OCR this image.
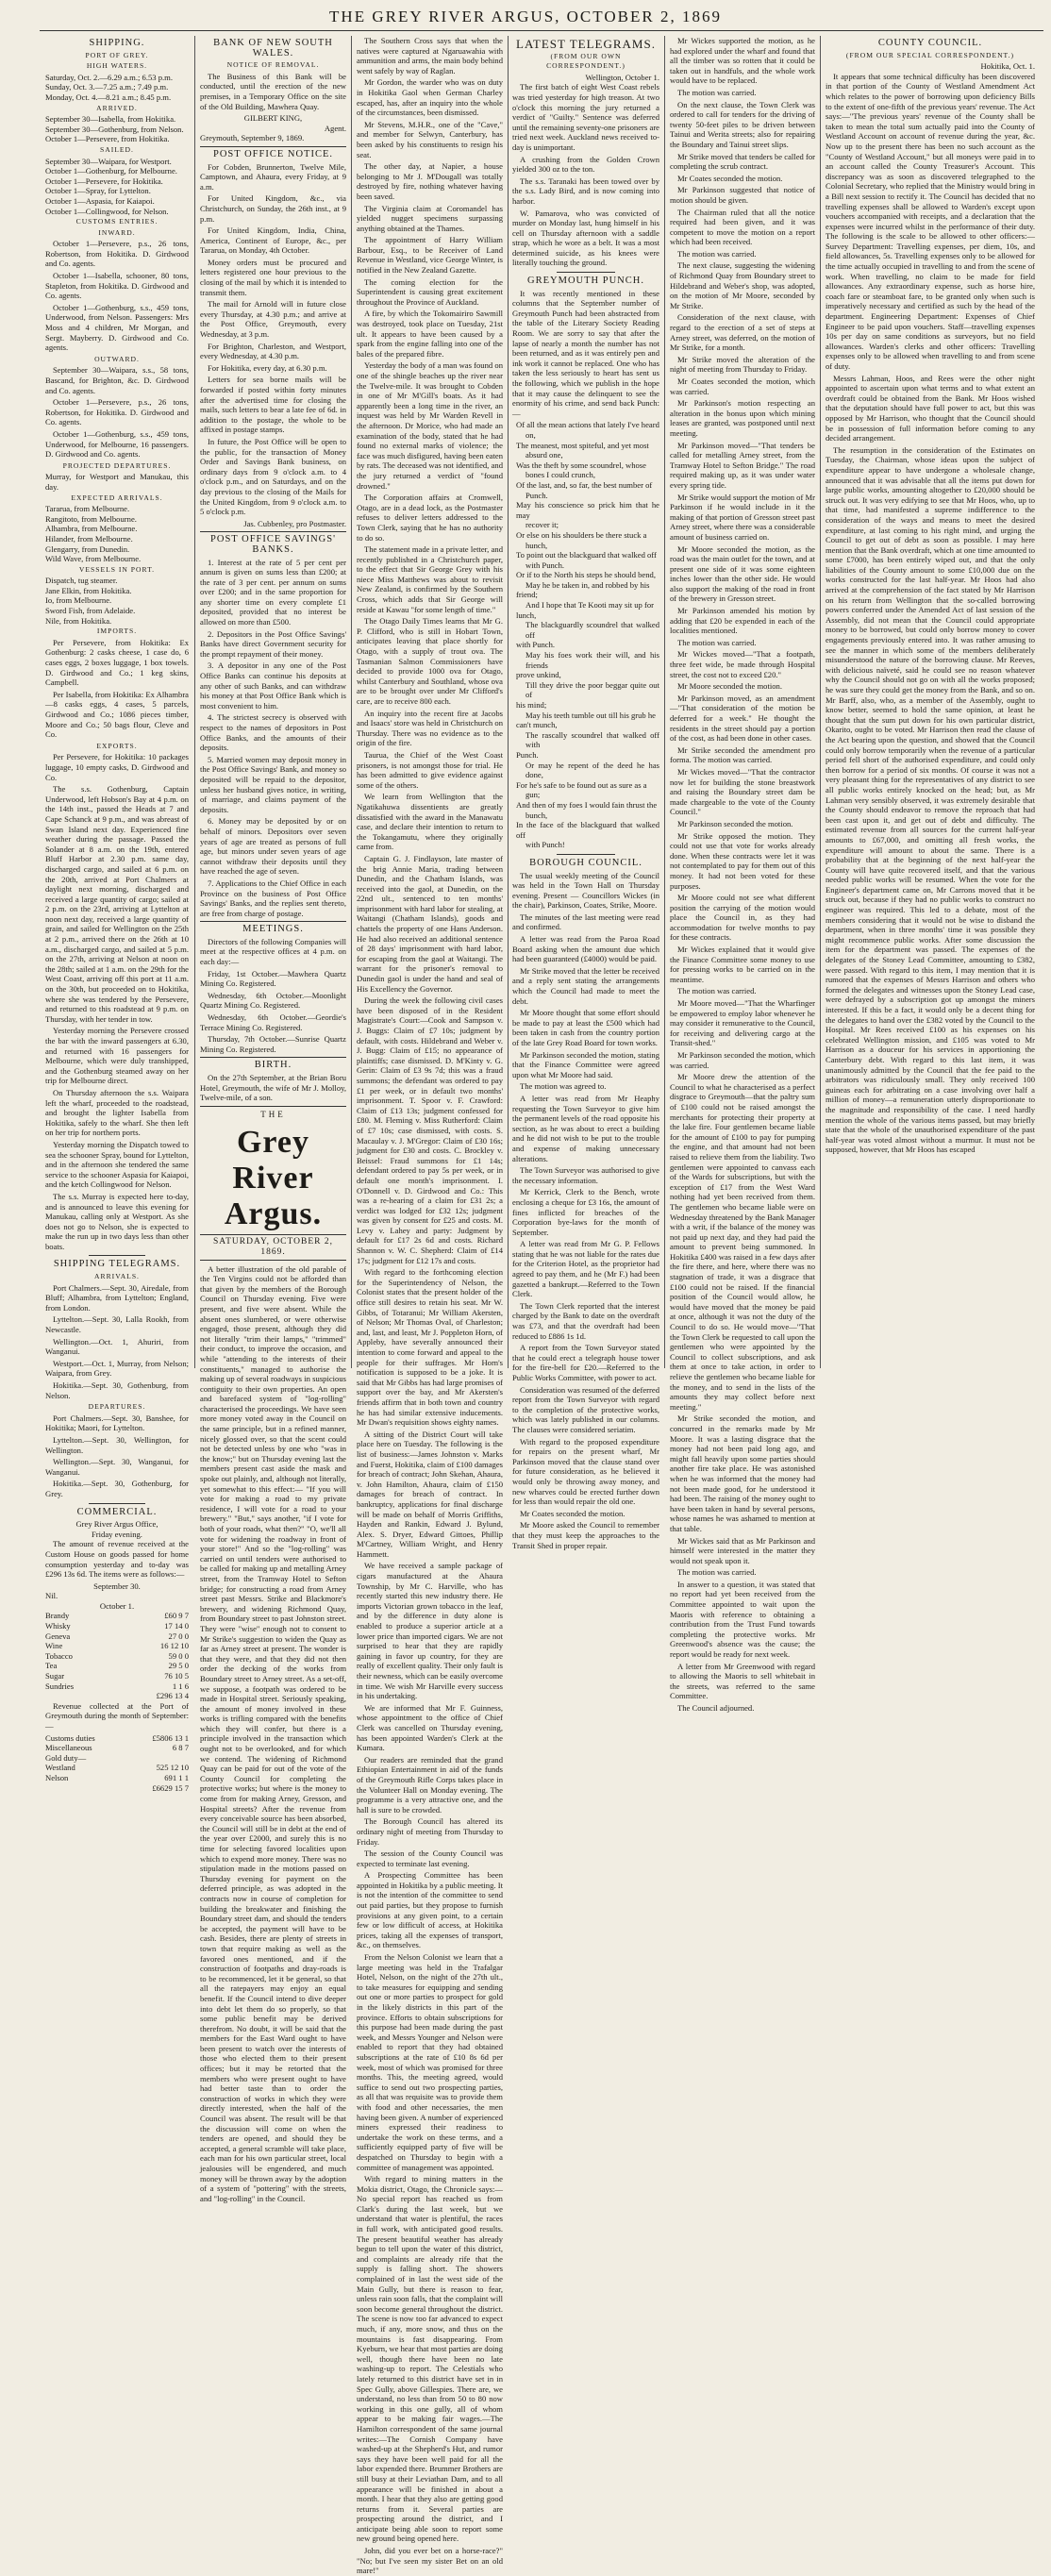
THE GREY RIVER ARGUS, OCTOBER 2, 1869
SHIPPING.
PORT OF GREY.
HIGH WATERS.

Saturday, Oct. 2.—6.29 a.m.; 6.53 p.m.

Sunday, Oct. 3.—7.25 a.m.; 7.49 p.m.

Monday, Oct. 4.—8.21 a.m.; 8.45 p.m.

ARRIVED.

September 30—Isabella, from Hokitika.

September 30—Gothenburg, from Nelson.

October 1—Persevere, from Hokitika.

SAILED.

September 30—Waipara, for Westport.

October 1—Gothenburg, for Melbourne.

October 1—Persevere, for Hokitika.

October 1—Spray, for Lyttelton.

October 1—Aspasia, for Kaiapoi.

October 1—Collingwood, for Nelson.

CUSTOMS ENTRIES.
INWARD.

October 1—Persevere, p.s., 26 tons, Robertson, from Hokitika. D. Girdwood and Co. agents.

October 1—Isabella, schooner, 80 tons, Stapleton, from Hokitika. D. Girdwood and Co. agents.

October 1—Gothenburg, s.s., 459 tons, Underwood, from Nelson. Passengers: Mrs Moss and 4 children, Mr Morgan, and Sergt. Mayberry. D. Girdwood and Co. agents.

OUTWARD.

September 30—Waipara, s.s., 58 tons, Bascand, for Brighton, &c. D. Girdwood and Co. agents.

October 1—Persevere, p.s., 26 tons, Robertson, for Hokitika. D. Girdwood and Co. agents.

October 1—Gothenburg, s.s., 459 tons, Underwood, for Melbourne, 16 passengers. D. Girdwood and Co. agents.

PROJECTED DEPARTURES.

Murray, for Westport and Manukau, this day.

EXPECTED ARRIVALS.

Tararua, from Melbourne.

Rangitoto, from Melbourne.

Alhambra, from Melbourne.

Hilander, from Melbourne.

Glengarry, from Dunedin.

Wild Wave, from Melbourne.

VESSELS IN PORT.

Dispatch, tug steamer.

Jane Elkin, from Hokitika.

Io, from Melbourne.

Sword Fish, from Adelaide.

Nile, from Hokitika.

IMPORTS.

Per Persevere, from Hokitika: Ex Gothenburg: 2 casks cheese, 1 case do, 6 cases eggs, 2 boxes luggage, 1 box towels. D. Girdwood and Co.; 1 keg skins, Campbell.

Per Isabella, from Hokitika: Ex Alhambra—8 casks eggs, 4 cases, 5 parcels, Girdwood and Co.; 1086 pieces timber, Moore and Co.; 50 bags flour, Cleve and Co.

EXPORTS.

Per Persevere, for Hokitika: 10 packages luggage, 10 empty casks, D. Girdwood and Co.

The s.s. Gothenburg, Captain Underwood, left Hobson's Bay at 4 p.m. on the 14th inst., passed the Heads at 7 and Cape Schanck at 9 p.m., and was abreast of Swan Island next day. Experienced fine weather during the passage. Passed the Solander at 8 a.m. on the 19th, entered Bluff Harbor at 2.30 p.m. same day, discharged cargo, and sailed at 6 p.m. on the 20th, arrived at Port Chalmers at daylight next morning, discharged and received a large quantity of cargo; sailed at 2 p.m. on the 23rd, arriving at Lyttelton at noon next day, received a large quantity of grain, and sailed for Wellington on the 25th at 2 p.m., arrived there on the 26th at 10 a.m., discharged cargo, and sailed at 5 p.m. on the 27th, arriving at Nelson at noon on the 28th; sailed at 1 a.m. on the 29th for the West Coast, arriving off this port at 11 a.m. on the 30th, but proceeded on to Hokitika, where she was tendered by the Persevere, and returned to this roadstead at 9 p.m. on Thursday, with her tender in tow.

Yesterday morning the Persevere crossed the bar with the inward passengers at 6.30, and returned with 16 passengers for Melbourne, which were duly transhipped, and the Gothenburg steamed away on her trip for Melbourne direct.

On Thursday afternoon the s.s. Waipara left the wharf, proceeded to the roadstead, and brought the lighter Isabella from Hokitika, safely to the wharf. She then left on her trip for northern ports.

Yesterday morning the Dispatch towed to sea the schooner Spray, bound for Lyttelton, and in the afternoon she tendered the same service to the schooner Aspasia for Kaiapoi, and the ketch Collingwood for Nelson.

The s.s. Murray is expected here to-day, and is announced to leave this evening for Manukau, calling only at Westport. As she does not go to Nelson, she is expected to make the run up in two days less than other boats.

SHIPPING TELEGRAMS.
ARRIVALS.

Port Chalmers.—Sept. 30, Airedale, from Bluff; Alhambra, from Lyttelton; England, from London.

Lyttelton.—Sept. 30, Lalla Rookh, from Newcastle.

Wellington.—Oct. 1, Ahuriri, from Wanganui.

Westport.—Oct. 1, Murray, from Nelson; Waipara, from Grey.

Hokitika.—Sept. 30, Gothenburg, from Nelson.

DEPARTURES.

Port Chalmers.—Sept. 30, Banshee, for Hokitika; Maori, for Lyttelton.

Lyttelton.—Sept. 30, Wellington, for Wellington.

Wellington.—Sept. 30, Wanganui, for Wanganui.

Hokitika.—Sept. 30, Gothenburg, for Grey.

COMMERCIAL.

Grey River Argus Office,

Friday evening.

The amount of revenue received at the Custom House on goods passed for home consumption yesterday and to-day was £296 13s 6d. The items were as follows:—

September 30.

Nil.

October 1.

Brandy	£60 9 7

Whisky	17 14 0

Geneva	27 0 0

Wine	16 12 10

Tobacco	59 0 0

Tea	29 5 0

Sugar	76 10 5

Sundries	1 1 6

£296 13 4

Revenue collected at the Port of Greymouth during the month of September:—

Customs duties	£5806 13 1

Miscellaneous	6 8 7

Gold duty—

Westland	525 12 10

Nelson	691 1 1

£6629 15 7

BANK OF NEW SOUTH WALES.
NOTICE OF REMOVAL.

The Business of this Bank will be conducted, until the erection of the new premises, in a Temporary Office on the site of the Old Building, Mawhera Quay.

GILBERT KING,

Agent.

Greymouth, September 9, 1869.

POST OFFICE NOTICE.

For Cobden, Brunnerton, Twelve Mile, Camptown, and Ahaura, every Friday, at 9 a.m.

For United Kingdom, &c., via Christchurch, on Sunday, the 26th inst., at 9 p.m.

For United Kingdom, India, China, America, Continent of Europe, &c., per Tararua, on Monday, 4th October.

Money orders must be procured and letters registered one hour previous to the closing of the mail by which it is intended to transmit them.

The mail for Arnold will in future close every Thursday, at 4.30 p.m.; and arrive at the Post Office, Greymouth, every Wednesday, at 3 p.m.

For Brighton, Charleston, and Westport, every Wednesday, at 4.30 p.m.

For Hokitika, every day, at 6.30 p.m.

Letters for sea borne mails will be forwarded if posted within forty minutes after the advertised time for closing the mails, such letters to bear a late fee of 6d. in addition to the postage, the whole to be affixed in postage stamps.

In future, the Post Office will be open to the public, for the transaction of Money Order and Savings Bank business, on ordinary days from 9 o'clock a.m. to 4 o'clock p.m., and on Saturdays, and on the day previous to the closing of the Mails for the United Kingdom, from 9 o'clock a.m. to 5 o'clock p.m.

Jas. Cubbenley, pro Postmaster.

POST OFFICE SAVINGS' BANKS.

1. Interest at the rate of 5 per cent per annum is given on sums less than £200; at the rate of 3 per cent. per annum on sums over £200; and in the same proportion for any shorter time on every complete £1 deposited, provided that no interest be allowed on more than £500.

2. Depositors in the Post Office Savings' Banks have direct Government security for the prompt repayment of their money.

3. A depositor in any one of the Post Office Banks can continue his deposits at any other of such Banks, and can withdraw his money at that Post Office Bank which is most convenient to him.

4. The strictest secrecy is observed with respect to the names of depositors in Post Office Banks, and the amounts of their deposits.

5. Married women may deposit money in the Post Office Savings' Bank, and money so deposited will be repaid to the depositor, unless her husband gives notice, in writing, of marriage, and claims payment of the deposits.

6. Money may be deposited by or on behalf of minors. Depositors over seven years of age are treated as persons of full age, but minors under seven years of age cannot withdraw their deposits until they have reached the age of seven.

7. Applications to the Chief Office in each Province on the business of Post Office Savings' Banks, and the replies sent thereto, are free from charge of postage.

MEETINGS.

Directors of the following Companies will meet at the respective offices at 4 p.m. on each day:—

Friday, 1st October.—Mawhera Quartz Mining Co. Registered.

Wednesday, 6th October.—Moonlight Quartz Mining Co. Registered.

Wednesday, 6th October.—Geordie's Terrace Mining Co. Registered.

Thursday, 7th October.—Sunrise Quartz Mining Co. Registered.

BIRTH.

On the 27th September, at the Brian Boru Hotel, Greymouth, the wife of Mr J. Molloy, Twelve-mile, of a son.

THE
Grey River Argus.
SATURDAY, OCTOBER 2, 1869.

A better illustration of the old parable of the Ten Virgins could not be afforded than that given by the members of the Borough Council on Thursday evening. Five were present, and five were absent. While the absent ones slumbered, or were otherwise engaged, those present, although they did not literally "trim their lamps," "trimmed" their conduct, to improve the occasion, and while "attending to the interests of their constituents," managed to authorise the making up of several roadways in suspicious contiguity to their own properties. An open and barefaced system of "log-rolling" characterised the proceedings. We have seen more money voted away in the Council on the same principle, but in a refined manner, nicely glossed over, so that the scent could not be detected unless by one who "was in the know;" but on Thursday evening last the members present cast aside the mask and spoke out plainly, and, although not literally, yet somewhat to this effect:— "If you will vote for making a road to my private residence, I will vote for a road to your brewery." "But," says another, "if I vote for both of your roads, what then?" "O, we'll all vote for widening the roadway in front of your store!" And so the "log-rolling" was carried on until tenders were authorised to be called for making up and metalling Arney street, from the Tramway Hotel to Sefton bridge; for constructing a road from Arney street past Messrs. Strike and Blackmore's brewery, and widening Richmond Quay, from Boundary street to past Johnston street. They were "wise" enough not to consent to Mr Strike's suggestion to widen the Quay as far as Arney street at present. The wonder is that they were, and that they did not then order the decking of the works from Boundary street to Arney street. As a set-off, we suppose, a footpath was ordered to be made in Hospital street. Seriously speaking, the amount of money involved in these works is trifling compared with the benefits which they will confer, but there is a principle involved in the transaction which ought not to be overlooked, and for which we contend. The widening of Richmond Quay can be paid for out of the vote of the County Council for completing the protective works; but where is the money to come from for making Arney, Gresson, and Hospital streets? After the revenue from every conceivable source has been absorbed, the Council will still be in debt at the end of the year over £2000, and surely this is no time for selecting favored localities upon which to expend more money. There was no stipulation made in the motions passed on Thursday evening for payment on the deferred principle, as was adopted in the contracts now in course of completion for building the breakwater and finishing the Boundary street dam, and should the tenders be accepted, the payment will have to be cash. Besides, there are plenty of streets in town that require making as well as the favored ones mentioned, and if the construction of footpaths and dray-roads is to be recommenced, let it be general, so that all the ratepayers may enjoy an equal benefit. If the Council intend to dive deeper into debt let them do so properly, so that some public benefit may be derived therefrom. No doubt, it will be said that the members for the East Ward ought to have been present to watch over the interests of those who elected them to their present offices; but it may be retorted that the members who were present ought to have had better taste than to order the construction of works in which they were directly interested, when the half of the Council was absent. The result will be that the discussion will come on when the tenders are opened, and should they be accepted, a general scramble will take place, each man for his own particular street, local jealousies will be engendered, and much money will be thrown away by the adoption of a system of "pottering" with the streets, and "log-rolling" in the Council.

The Southern Cross says that when the natives were captured at Ngaruawahia with ammunition and arms, the main body behind went safely by way of Raglan.

Mr Gordon, the warder who was on duty in Hokitika Gaol when German Charley escaped, has, after an inquiry into the whole of the circumstances, been dismissed.

Mr Stevens, M.H.R., one of the "Cave," and member for Selwyn, Canterbury, has been asked by his constituents to resign his seat.

The other day, at Napier, a house belonging to Mr J. M'Dougall was totally destroyed by fire, nothing whatever having been saved.

The Virginia claim at Coromandel has yielded nugget specimens surpassing anything obtained at the Thames.

The appointment of Harry William Barbour, Esq., to be Receiver of Land Revenue in Westland, vice George Winter, is notified in the New Zealand Gazette.

The coming election for the Superintendent is causing great excitement throughout the Province of Auckland.

A fire, by which the Tokomairiro Sawmill was destroyed, took place on Tuesday, 21st ult. It appears to have been caused by a spark from the engine falling into one of the bales of the prepared fibre.

Yesterday the body of a man was found on one of the shingle beaches up the river near the Twelve-mile. It was brought to Cobden in one of Mr M'Gill's boats. As it had apparently been a long time in the river, an inquest was held by Mr Warden Revell in the afternoon. Dr Morice, who had made an examination of the body, stated that he had found no external marks of violence; the face was much disfigured, having been eaten by rats. The deceased was not identified, and the jury returned a verdict of "found drowned."

The Corporation affairs at Cromwell, Otago, are in a dead lock, as the Postmaster refuses to deliver letters addressed to the Town Clerk, saying that he has no authority to do so.

The statement made in a private letter, and recently published in a Christchurch paper, to the effect that Sir George Grey with his niece Miss Matthews was about to revisit New Zealand, is confirmed by the Southern Cross, which adds that Sir George will reside at Kawau "for some length of time."

The Otago Daily Times learns that Mr G. P. Clifford, who is still in Hobart Town, anticipates leaving that place shortly for Otago, with a supply of trout ova. The Tasmanian Salmon Commissioners have decided to provide 1000 ova for Otago, whilst Canterbury and Southland, whose ova are to be brought over under Mr Clifford's care, are to receive 800 each.

An inquiry into the recent fire at Jacobs and Isaacs' store was held in Christchurch on Thursday. There was no evidence as to the origin of the fire.

Taurua, the Chief of the West Coast prisoners, is not amongst those for trial. He has been admitted to give evidence against some of the others.

We learn from Wellington that the Ngatikahuwa dissentients are greatly dissatisfied with the award in the Manawatu case, and declare their intention to return to the Tokangamutu, where they originally came from.

Captain G. J. Findlayson, late master of the brig Annie Maria, trading between Dunedin, and the Chatham Islands, was received into the gaol, at Dunedin, on the 22nd ult., sentenced to ten months' imprisonment with hard labor for stealing, at Waitangi (Chatham Islands), goods and chattels the property of one Hans Anderson. He had also received an additional sentence of 28 days' imprisonment with hard labor, for escaping from the gaol at Waitangi. The warrant for the prisoner's removal to Dunedin gaol is under the hand and seal of His Excellency the Governor.

During the week the following civil cases have been disposed of in the Resident Magistrate's Court:—Cook and Sampson v. J. Buggs: Claim of £7 10s; judgment by default, with costs. Hildebrand and Weber v. J. Bugg: Claim of £15; no appearance of plaintiffs; case dismissed. D. M'Kinty v. G. Gerin: Claim of £3 9s 7d; this was a fraud summons; the defendant was ordered to pay £1 per week, or in default two months' imprisonment. T. Spoor v. F. Crawford: Claim of £13 13s; judgment confessed for £80. M. Fleming v. Miss Rutherford: Claim of £7 10s; case dismissed, with costs. S. Macaulay v. J. M'Gregor: Claim of £30 16s; judgment for £30 and costs. C. Brockley v. Beissel: Fraud summons for £1 14s; defendant ordered to pay 5s per week, or in default one month's imprisonment. I. O'Donnell v. D. Girdwood and Co.: This was a re-hearing of a claim for £31 2s; a verdict was lodged for £32 12s; judgment was given by consent for £25 and costs. M. Levy v. Lahey and party: Judgment by default for £17 2s 6d and costs. Richard Shannon v. W. C. Shepherd: Claim of £14 17s; judgment for £12 17s and costs.

With regard to the forthcoming election for the Superintendency of Nelson, the Colonist states that the present holder of the office still desires to retain his seat. Mr W. Gibbs, of Totaranui; Mr William Akersten, of Nelson; Mr Thomas Oval, of Charleston; and, last, and least, Mr J. Poppleton Horn, of Appleby, have severally announced their intention to come forward and appeal to the people for their suffrages. Mr Horn's notification is supposed to be a joke. It is said that Mr Gibbs has had large promises of support over the bay, and Mr Akersten's friends affirm that in both town and country he has had similar extensive inducements. Mr Dwan's requisition shows eighty names.

A sitting of the District Court will take place here on Tuesday. The following is the list of business:—James Johnston v. Marks and Fuerst, Hokitika, claim of £100 damages for breach of contract; John Skehan, Ahaura, v. John Hamilton, Ahaura, claim of £150 damages for breach of contract. In bankruptcy, applications for final discharge will be made on behalf of Morris Griffiths, Hayden and Rankin, Edward J. Bylund, Alex. S. Dryer, Edward Gittoes, Phillip M'Cartney, William Wright, and Henry Hammett.

We have received a sample package of cigars manufactured at the Ahaura Township, by Mr C. Harville, who has recently started this new industry there. He imports Victorian grown tobacco in the leaf, and by the difference in duty alone is enabled to produce a superior article at a lower price than imported cigars. We are not surprised to hear that they are rapidly gaining in favor up country, for they are really of excellent quality. Their only fault is their newness, which can be easily overcome in time. We wish Mr Harville every success in his undertaking.

We are informed that Mr F. Guinness, whose appointment to the office of Chief Clerk was cancelled on Thursday evening, has been appointed Warden's Clerk at the Kumara.

Our readers are reminded that the grand Ethiopian Entertainment in aid of the funds of the Greymouth Rifle Corps takes place in the Volunteer Hall on Monday evening. The programme is a very attractive one, and the hall is sure to be crowded.

The Borough Council has altered its ordinary night of meeting from Thursday to Friday.

The session of the County Council was expected to terminate last evening.

A Prospecting Committee has been appointed in Hokitika by a public meeting. It is not the intention of the committee to send out paid parties, but they propose to furnish provisions at any given point, to a certain few or low difficult of access, at Hokitika prices, taking all the expenses of transport, &c., on themselves.

From the Nelson Colonist we learn that a large meeting was held in the Trafalgar Hotel, Nelson, on the night of the 27th ult., to take measures for equipping and sending out one or more parties to prospect for gold in the likely districts in this part of the province. Efforts to obtain subscriptions for this purpose had been made during the past week, and Messrs Younger and Nelson were enabled to report that they had obtained subscriptions at the rate of £10 8s 6d per week, most of which was promised for three months. This, the meeting agreed, would suffice to send out two prospecting parties, as all that was requisite was to provide them with food and other necessaries, the men having been given. A number of experienced miners expressed their readiness to undertake the work on these terms, and a sufficiently equipped party of five will be despatched on Thursday to begin with a committee of management was appointed.

With regard to mining matters in the Mokia district, Otago, the Chronicle says:—No special report has reached us from Clark's during the last week, but we understand that water is plentiful, the races in full work, with anticipated good results. The present beautiful weather has already begun to tell upon the water of this district, and complaints are already rife that the supply is falling short. The showers complained of in last the west side of the Main Gully, but there is reason to fear, unless rain soon falls, that the complaint will soon become general throughout the district. The scene is now too far advanced to expect much, if any, more snow, and thus on the mountains is fast disappearing. From Kyeburn, we hear that most parties are doing well, though there have been no late washing-up to report. The Celestials who lately returned to this district have set in in Spec Gully, above Gillespies. There are, we understand, no less than from 50 to 80 now working in this one gully, all of whom appear to be making fair wages.—The Hamilton correspondent of the same journal writes:—The Cornish Company have washed-up at the Shepherd's Hut, and rumor says they have been well paid for all the labor expended there. Brummer Brothers are still busy at their Leviathan Dam, and to all appearance will be finished in about a month. I hear that they also are getting good returns from it. Several parties are prospecting around the district, and I anticipate being able soon to report some new ground being opened here.

John, did you ever bet on a horse-race?" "No; but I've seen my sister Bet on an old mare!"

LATEST TELEGRAMS.
(FROM OUR OWN CORRESPONDENT.)

Wellington, October 1.

The first batch of eight West Coast rebels was tried yesterday for high treason. At two o'clock this morning the jury returned a verdict of "Guilty." Sentence was deferred until the remaining seventy-one prisoners are tried next week. Auckland news received to-day is unimportant.

A crushing from the Golden Crown yielded 300 oz to the ton.

The s.s. Taranaki has been towed over by the s.s. Lady Bird, and is now coming into harbor.

W. Pamarova, who was convicted of murder on Monday last, hung himself in his cell on Thursday afternoon with a saddle strap, which he wore as a belt. It was a most determined suicide, as his knees were literally touching the ground.

GREYMOUTH PUNCH.

It was recently mentioned in these columns that the September number of Greymouth Punch had been abstracted from the table of the Literary Society Reading Room. We are sorry to say that after the lapse of nearly a month the number has not been returned, and as it was entirely pen and ink work it cannot be replaced. One who has taken the less seriously to heart has sent us the following, which we publish in the hope that it may cause the delinquent to see the enormity of his crime, and send back Punch:—

Of all the mean actions that lately I've heard

on,

The meanest, most spiteful, and yet most

absurd one,

Was the theft by some scoundrel, whose

bones I could crunch,

Of the last, and, so far, the best number of

Punch.

May his conscience so prick him that he may

recover it;

Or else on his shoulders be there stuck a

hunch,

To point out the blackguard that walked off

with Punch.

Or if to the North his steps he should bend,

May he be taken in, and robbed by his

friend;

And I hope that Te Kooti may sit up for

lunch,

The blackguardly scoundrel that walked off

with Punch.

May his foes work their will, and his friends

prove unkind,

Till they drive the poor beggar quite out of

his mind;

May his teeth tumble out till his grub he

can't munch,

The rascally scoundrel that walked off with

Punch.

Or may he repent of the deed he has done,

For he's safe to be found out as sure as a

gun;

And then of my foes I would fain thrust the

bunch,

In the face of the blackguard that walked off

with Punch!

BOROUGH COUNCIL.

The usual weekly meeting of the Council was held in the Town Hall on Thursday evening. Present — Councillors Wickes (in the chair), Parkinson, Coates, Strike, Moore.

The minutes of the last meeting were read and confirmed.

A letter was read from the Paroa Road Board asking when the amount due which had been guaranteed (£4000) would be paid.

Mr Strike moved that the letter be received and a reply sent stating the arrangements which the Council had made to meet the debt.

Mr Moore thought that some effort should be made to pay at least the £500 which had been taken in cash from the country portion of the late Grey Road Board for town works.

Mr Parkinson seconded the motion, stating that the Finance Committee were agreed upon what Mr Moore had said.

The motion was agreed to.

A letter was read from Mr Heaphy requesting the Town Surveyor to give him the permanent levels of the road opposite his section, as he was about to erect a building and he did not wish to be put to the trouble and expense of making unnecessary alterations.

The Town Surveyor was authorised to give the necessary information.

Mr Kerrick, Clerk to the Bench, wrote enclosing a cheque for £3 16s, the amount of fines inflicted for breaches of the Corporation bye-laws for the month of September.

A letter was read from Mr G. P. Fellows stating that he was not liable for the rates due for the Criterion Hotel, as the proprietor had agreed to pay them, and he (Mr F.) had been gazetted a bankrupt.—Referred to the Town Clerk.

The Town Clerk reported that the interest charged by the Bank to date on the overdraft was £73, and that the overdraft had been reduced to £886 1s 1d.

A report from the Town Surveyor stated that he could erect a telegraph house tower for the fire-bell for £20.—Referred to the Public Works Committee, with power to act.

Consideration was resumed of the deferred report from the Town Surveyor with regard to the completion of the protective works, which was lately published in our columns. The clauses were considered seriatim.

With regard to the proposed expenditure for repairs on the present wharf, Mr Parkinson moved that the clause stand over for future consideration, as he believed it would only be throwing away money, and new wharves could be erected further down for less than would repair the old one.

Mr Coates seconded the motion.

Mr Moore asked the Council to remember that they must keep the approaches to the Transit Shed in proper repair.

Mr Wickes supported the motion, as he had explored under the wharf and found that all the timber was so rotten that it could be taken out in handfuls, and the whole work would have to be replaced.

The motion was carried.

On the next clause, the Town Clerk was ordered to call for tenders for the driving of twenty 50-feet piles to be driven between Tainui and Werita streets; also for repairing the Boundary and Tainui street slips.

Mr Strike moved that tenders be called for completing the scrub contract.

Mr Coates seconded the motion.

Mr Parkinson suggested that notice of motion should be given.

The Chairman ruled that all the notice required had been given, and it was competent to move the motion on a report which had been received.

The motion was carried.

The next clause, suggesting the widening of Richmond Quay from Boundary street to Hildebrand and Weber's shop, was adopted, on the motion of Mr Moore, seconded by Mr Strike.

Consideration of the next clause, with regard to the erection of a set of steps at Arney street, was deferred, on the motion of Mr Strike, for a month.

Mr Strike moved the alteration of the night of meeting from Thursday to Friday.

Mr Coates seconded the motion, which was carried.

Mr Parkinson's motion respecting an alteration in the bonus upon which mining leases are granted, was postponed until next meeting.

Mr Parkinson moved—"That tenders be called for metalling Arney street, from the Tramway Hotel to Sefton Bridge." The road required making up, as it was under water every spring tide.

Mr Strike would support the motion of Mr Parkinson if he would include in it the making of that portion of Gresson street past Arney street, where there was a considerable amount of business carried on.

Mr Moore seconded the motion, as the road was the main outlet for the town, and at present one side of it was some eighteen inches lower than the other side. He would also support the making of the road in front of the brewery in Gresson street.

Mr Parkinson amended his motion by adding that £20 be expended in each of the localities mentioned.

The motion was carried.

Mr Wickes moved—"That a footpath, three feet wide, be made through Hospital street, the cost not to exceed £20."

Mr Moore seconded the motion.

Mr Parkinson moved, as an amendment—"That consideration of the motion be deferred for a week." He thought the residents in the street should pay a portion of the cost, as had been done in other cases.

Mr Strike seconded the amendment pro forma. The motion was carried.

Mr Wickes moved—"That the contractor now let for building the stone breastwork and raising the Boundary street dam be made chargeable to the vote of the County Council."

Mr Parkinson seconded the motion.

Mr Strike opposed the motion. They could not use that vote for works already done. When these contracts were let it was not contemplated to pay for them out of this money. It had not been voted for these purposes.

Mr Moore could not see what different position the carrying of the motion would place the Council in, as they had accommodation for twelve months to pay for these contracts.

Mr Wickes explained that it would give the Finance Committee some money to use for pressing works to be carried on in the meantime.

The motion was carried.

Mr Moore moved—"That the Wharfinger be empowered to employ labor whenever he may consider it remunerative to the Council, for receiving and delivering cargo at the Transit-shed."

Mr Parkinson seconded the motion, which was carried.

Mr Moore drew the attention of the Council to what he characterised as a perfect disgrace to Greymouth—that the paltry sum of £100 could not be raised amongst the merchants for protecting their property at the lake fire. Four gentlemen became liable for the amount of £100 to pay for pumping the engine, and that amount had not been raised to relieve them from the liability. Two gentlemen were appointed to canvass each of the Wards for subscriptions, but with the exception of £17 from the West Ward nothing had yet been received from them. The gentlemen who became liable were on Wednesday threatened by the Bank Manager with a writ, if the balance of the money was not paid up next day, and they had paid the amount to prevent being summoned. In Hokitika £400 was raised in a few days after the fire there, and here, where there was no stagnation of trade, it was a disgrace that £100 could not be raised. If the financial position of the Council would allow, he would have moved that the money be paid at once, although it was not the duty of the Council to do so. He would move—"That the Town Clerk be requested to call upon the gentlemen who were appointed by the Council to collect subscriptions, and ask them at once to take action, in order to relieve the gentlemen who became liable for the money, and to send in the lists of the amounts they may collect before next meeting."

Mr Strike seconded the motion, and concurred in the remarks made by Mr Moore. It was a lasting disgrace that the money had not been paid long ago, and might fall heavily upon some parties should another fire take place. He was astonished when he was informed that the money had not been made good, for he understood it had been. The raising of the money ought to have been taken in hand by several persons, whose names he was ashamed to mention at that table.

Mr Wickes said that as Mr Parkinson and himself were interested in the matter they would not speak upon it.

The motion was carried.

In answer to a question, it was stated that no report had yet been received from the Committee appointed to wait upon the Maoris with reference to obtaining a contribution from the Trust Fund towards completing the protective works. Mr Greenwood's absence was the cause; the report would be ready for next week.

A letter from Mr Greenwood with regard to allowing the Maoris to sell whitebait in the streets, was referred to the same Committee.

The Council adjourned.

COUNTY COUNCIL.
(FROM OUR SPECIAL CORRESPONDENT.)

Hokitika, Oct. 1.

It appears that some technical difficulty has been discovered in that portion of the County of Westland Amendment Act which relates to the power of borrowing upon deficiency Bills to the extent of one-fifth of the previous years' revenue. The Act says:—"The previous years' revenue of the County shall be taken to mean the total sum actually paid into the County of Westland Account on account of revenue during the year, &c. Now up to the present there has been no such account as the "County of Westland Account," but all moneys were paid in to an account called the County Treasurer's Account. This discrepancy was as soon as discovered telegraphed to the Colonial Secretary, who replied that the Ministry would bring in a Bill next session to rectify it. The Council has decided that no travelling expenses shall be allowed to Warden's except upon vouchers accompanied with receipts, and a declaration that the expenses were incurred whilst in the performance of their duty. The following is the scale to be allowed to other officers:—Survey Department: Travelling expenses, per diem, 10s, and field allowances, 5s. Travelling expenses only to be allowed for the time actually occupied in travelling to and from the scene of work. When travelling, no claim to be made for field allowances. Any extraordinary expense, such as horse hire, coach fare or steamboat fare, to be granted only when such is imperatively necessary and certified as such by the head of the department. Engineering Department: Expenses of Chief Engineer to be paid upon vouchers. Staff—travelling expenses 10s per day on same conditions as surveyors, but no field allowances. Warden's clerks and other officers: Travelling expenses only to be allowed when travelling to and from scene of duty.

Messrs Lahman, Hoos, and Rees were the other night appointed to ascertain upon what terms and to what extent an overdraft could be obtained from the Bank. Mr Hoos wished that the deputation should have full power to act, but this was opposed by Mr Harrison, who thought that the Council should be in possession of full information before coming to any decided arrangement.

The resumption in the consideration of the Estimates on Tuesday, the Chairman, whose ideas upon the subject of expenditure appear to have undergone a wholesale change, announced that it was advisable that all the items put down for large public works, amounting altogether to £20,000 should be struck out. It was very edifying to see that Mr Hoos, who, up to that time, had manifested a supreme indifference to the consideration of the ways and means to meet the desired expenditure, at last coming to his right mind, and urging the Council to get out of debt as soon as possible. I may here mention that the Bank overdraft, which at one time amounted to some £7000, has been entirely wiped out, and that the only liabilities of the County amount to some £10,000 due on the works constructed for the last half-year. Mr Hoos had also arrived at the comprehension of the fact stated by Mr Harrison on his return from Wellington that the so-called borrowing powers conferred under the Amended Act of last session of the Assembly, did not mean that the Council could appropriate money to be borrowed, but could only borrow money to cover engagements previously entered into. It was rather amusing to see the manner in which some of the members deliberately misunderstood the nature of the borrowing clause. Mr Reeves, with delicious naïveté, said he could see no reason whatever why the Council should not go on with all the works proposed; he was sure they could get the money from the Bank, and so on. Mr Barff, also, who, as a member of the Assembly, ought to know better, seemed to hold the same opinion, at least he thought that the sum put down for his own particular district, Okarito, ought to be voted. Mr Harrison then read the clause of the Act bearing upon the question, and showed that the Council could only borrow temporarily when the revenue of a particular period fell short of the authorised expenditure, and could only then borrow for a period of six months. Of course it was not a very pleasant thing for the representatives of any district to see all public works entirely knocked on the head; but, as Mr Lahman very sensibly observed, it was extremely desirable that the County should endeavor to remove the reproach that had been cast upon it, and get out of debt and difficulty. The estimated revenue from all sources for the current half-year amounts to £67,000, and omitting all fresh works, the expenditure will amount to about the same. There is a probability that at the beginning of the next half-year the County will have quite recovered itself, and that the various needed public works will be resumed. When the vote for the Engineer's department came on, Mr Carrons moved that it be struck out, because if they had no public works to construct no engineer was required. This led to a debate, most of the members considering that it would not be wise to disband the department, when in three months' time it was possible they might recommence public works. After some discussion the item for the department was passed. The expenses of the delegates of the Stoney Lead Committee, amounting to £382, were passed. With regard to this item, I may mention that it is rumored that the expenses of Messrs Harrison and others who formed the delegates and witnesses upon the Stoney Lead case, were defrayed by a subscription got up amongst the miners interested. If this be a fact, it would only be a decent thing for the delegates to hand over the £382 voted by the Council to the Hospital. Mr Rees received £100 as his expenses on his celebrated Wellington mission, and £105 was voted to Mr Harrison as a douceur for his services in apportioning the Canterbury debt. With regard to this last item, it was unanimously admitted by the Council that the fee paid to the arbitrators was ridiculously small. They only received 100 guineas each for arbitrating on a case involving over half a million of money—a remuneration utterly disproportionate to the magnitude and responsibility of the case. I need hardly mention the whole of the various items passed, but may briefly state that the whole of the unauthorised expenditure of the past half-year was voted almost without a murmur. It must not be supposed, however, that Mr Hoos has escaped
